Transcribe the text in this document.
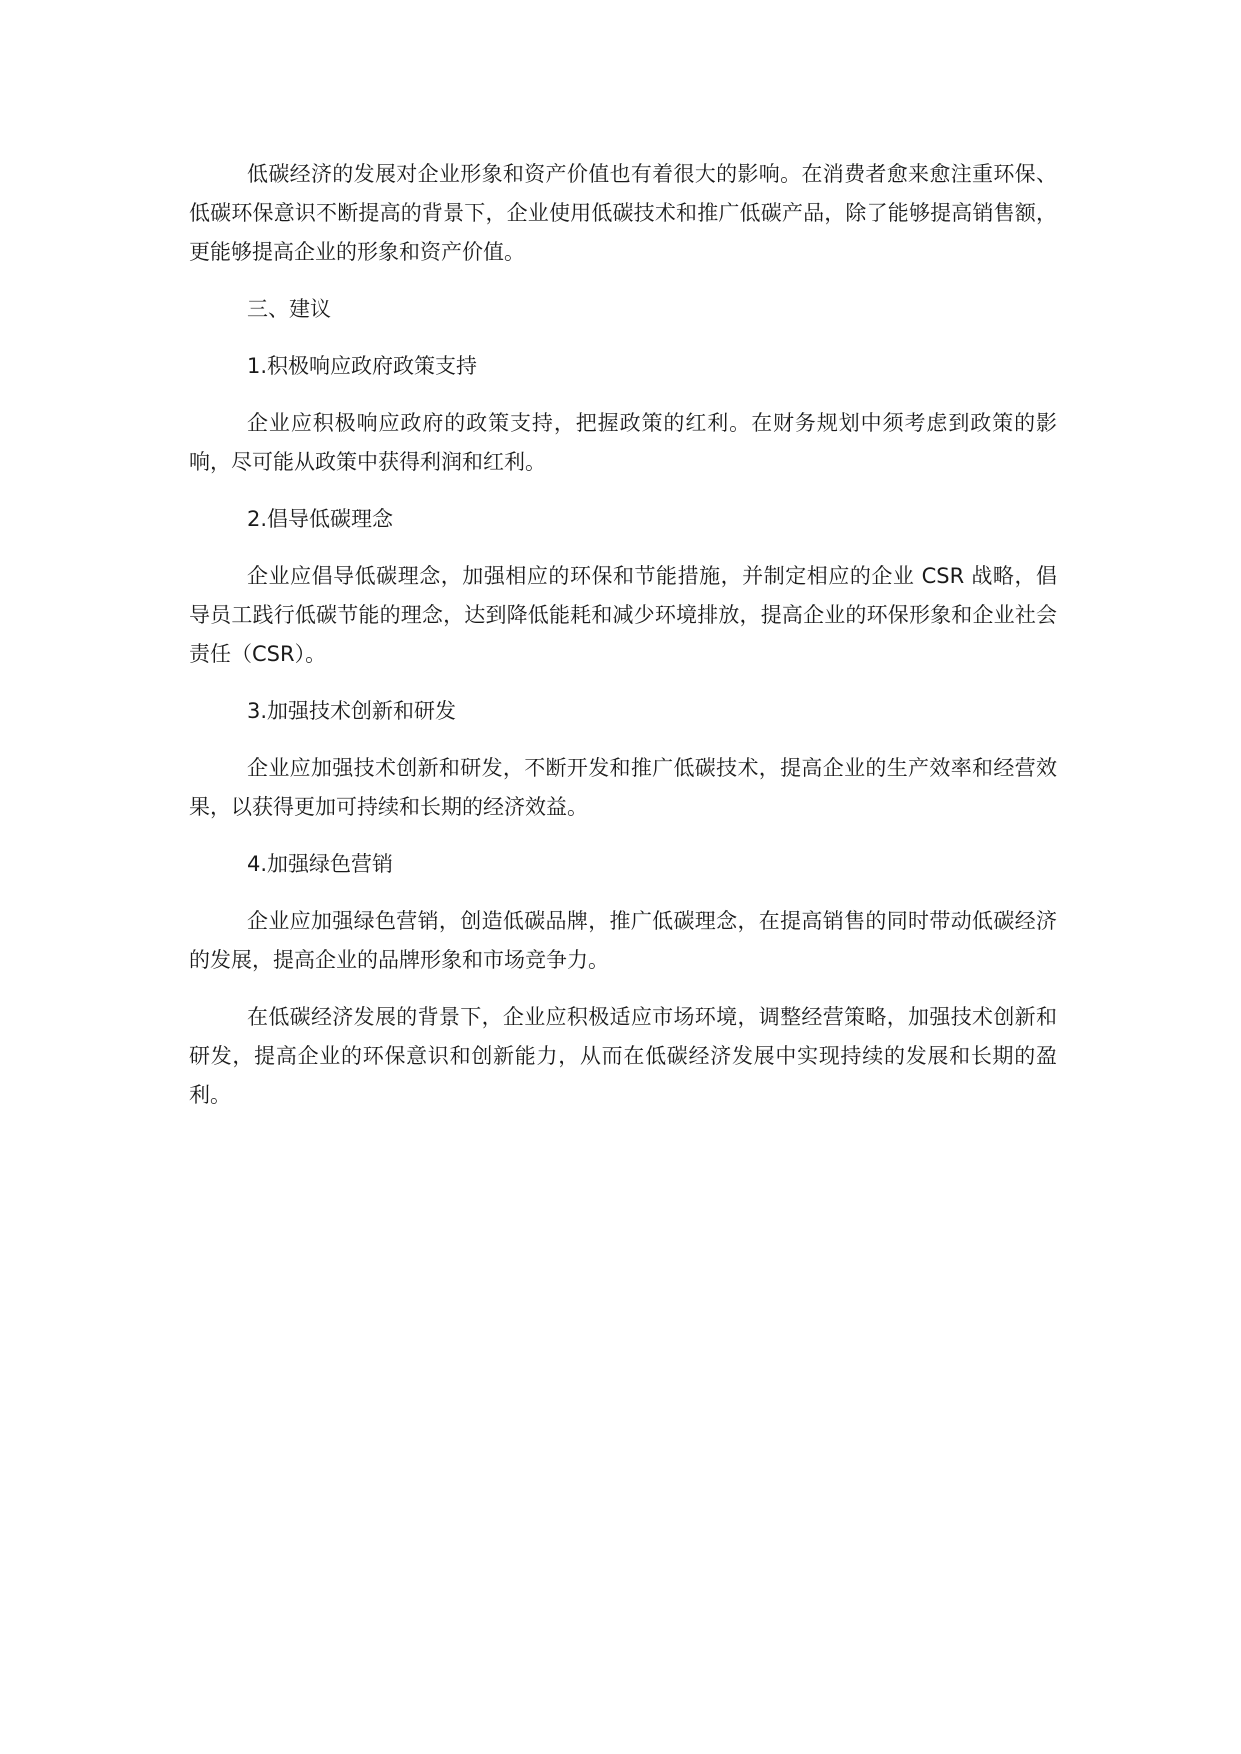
低碳经济的发展对企业形象和资产价值也有着很大的影响。在消费者愈来愈注重环保、低碳环保意识不断提高的背景下，企业使用低碳技术和推广低碳产品，除了能够提高销售额，更能够提高企业的形象和资产价值。

三、建议

1.积极响应政府政策支持

企业应积极响应政府的政策支持，把握政策的红利。在财务规划中须考虑到政策的影响，尽可能从政策中获得利润和红利。

2.倡导低碳理念

企业应倡导低碳理念，加强相应的环保和节能措施，并制定相应的企业 CSR 战略，倡导员工践行低碳节能的理念，达到降低能耗和减少环境排放，提高企业的环保形象和企业社会责任（CSR）。

3.加强技术创新和研发

企业应加强技术创新和研发，不断开发和推广低碳技术，提高企业的生产效率和经营效果，以获得更加可持续和长期的经济效益。

4.加强绿色营销

企业应加强绿色营销，创造低碳品牌，推广低碳理念，在提高销售的同时带动低碳经济的发展，提高企业的品牌形象和市场竞争力。

在低碳经济发展的背景下，企业应积极适应市场环境，调整经营策略，加强技术创新和研发，提高企业的环保意识和创新能力，从而在低碳经济发展中实现持续的发展和长期的盈利。
